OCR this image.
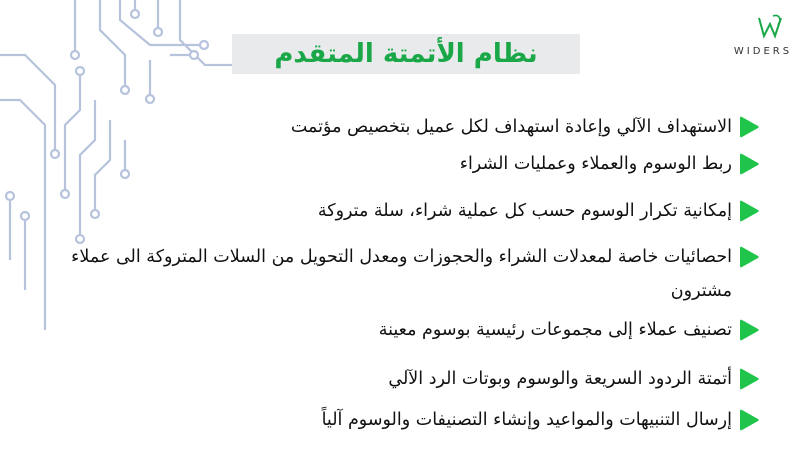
WIDERS
نظام الأتمتة المتقدم
الاستهداف الآلي وإعادة استهداف لكل عميل بتخصيص مؤتمت
ربط الوسوم والعملاء وعمليات الشراء
إمكانية تكرار الوسوم حسب كل عملية شراء، سلة متروكة
احصائيات خاصة لمعدلات الشراء والحجوزات ومعدل التحويل من السلات المتروكة الى عملاء مشترون
تصنيف عملاء إلى مجموعات رئيسية بوسوم معينة
أتمتة الردود السريعة والوسوم وبوتات الرد الآلي
إرسال التنبيهات والمواعيد وإنشاء التصنيفات والوسوم آلياً
